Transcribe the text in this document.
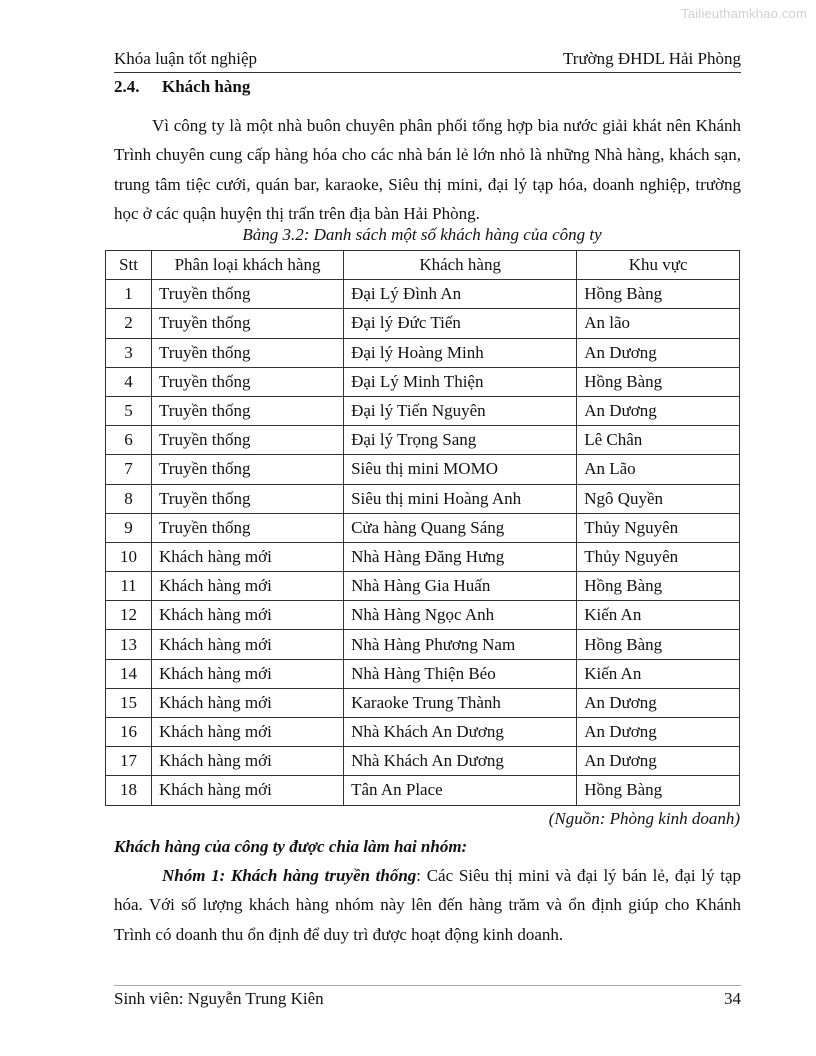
Tailieuthamkhao.com
Khóa luận tốt nghiệp	Trường ĐHDL Hải Phòng
2.4. Khách hàng
Vì công ty là một nhà buôn chuyên phân phối tổng hợp bia nước giải khát nên Khánh Trình chuyên cung cấp hàng hóa cho các nhà bán lẻ lớn nhỏ là những Nhà hàng, khách sạn, trung tâm tiệc cưới, quán bar, karaoke, Siêu thị mini, đại lý tạp hóa, doanh nghiệp, trường học ở các quận huyện thị trấn trên địa bàn Hải Phòng.
Bảng 3.2: Danh sách một số khách hàng của công ty
Stt	Phân loại khách hàng	Khách hàng	Khu vực
1	Truyền thống	Đại Lý Đình An	Hồng Bàng
2	Truyền thống	Đại lý Đức Tiến	An lão
3	Truyền thống	Đại lý Hoàng Minh	An Dương
4	Truyền thống	Đại Lý Minh Thiện	Hồng Bàng
5	Truyền thống	Đại lý Tiến Nguyên	An Dương
6	Truyền thống	Đại lý Trọng Sang	Lê Chân
7	Truyền thống	Siêu thị mini MOMO	An Lão
8	Truyền thống	Siêu thị mini Hoàng Anh	Ngô Quyền
9	Truyền thống	Cửa hàng Quang Sáng	Thủy Nguyên
10	Khách hàng mới	Nhà Hàng Đăng Hưng	Thủy Nguyên
11	Khách hàng mới	Nhà Hàng Gia Huấn	Hồng Bàng
12	Khách hàng mới	Nhà Hàng Ngọc Anh	Kiến An
13	Khách hàng mới	Nhà Hàng Phương Nam	Hồng Bàng
14	Khách hàng mới	Nhà Hàng Thiện Béo	Kiến An
15	Khách hàng mới	Karaoke Trung Thành	An Dương
16	Khách hàng mới	Nhà Khách An Dương	An Dương
17	Khách hàng mới	Nhà Khách An Dương	An Dương
18	Khách hàng mới	Tân An Place	Hồng Bàng
(Nguồn: Phòng kinh doanh)
Khách hàng của công ty được chia làm hai nhóm:
Nhóm 1: Khách hàng truyền thống: Các Siêu thị mini và đại lý bán lẻ, đại lý tạp hóa. Với số lượng khách hàng nhóm này lên đến hàng trăm và ổn định giúp cho Khánh Trình có doanh thu ổn định để duy trì được hoạt động kinh doanh.
Sinh viên: Nguyễn Trung Kiên	34
